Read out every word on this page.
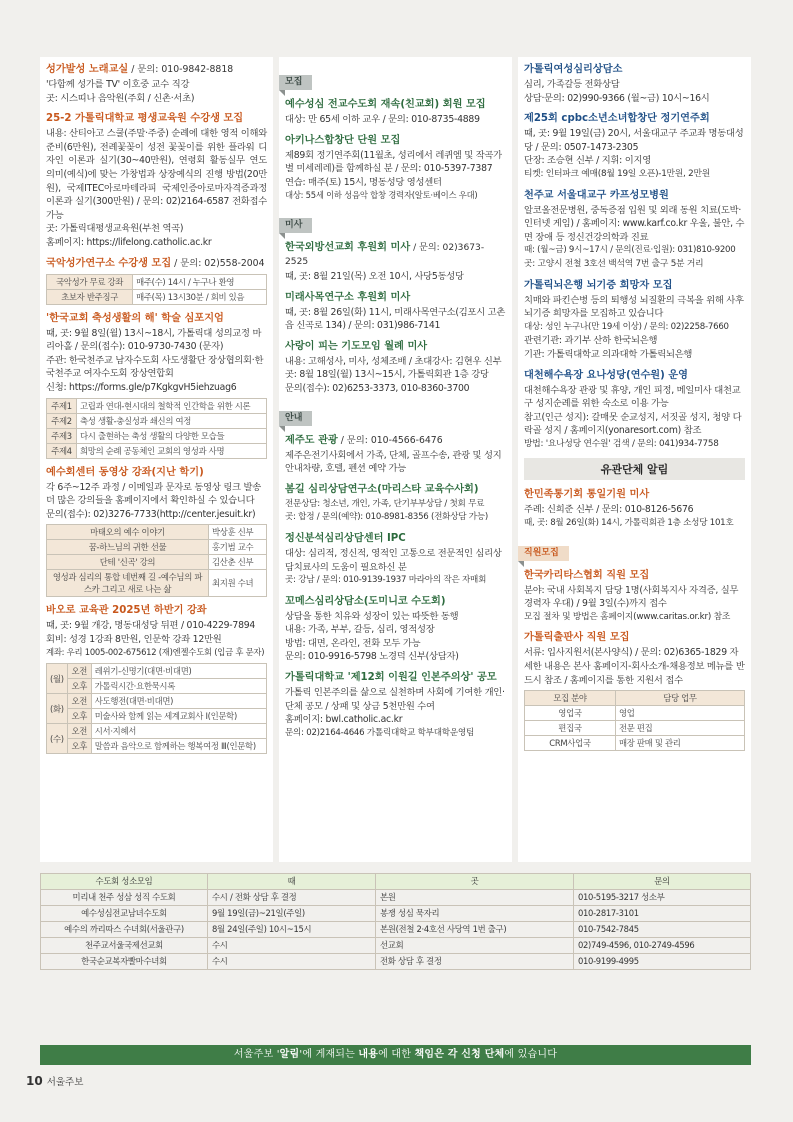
성가발성 노래교실 / 문의: 010-9842-8818
'다함께 성가를 TV' 이호중 교수 직강
곳: 시스띠나 음악원(주회 / 신촌·서초)
25-2 가톨릭대학교 평생교육원 수강생 모집
내용: 산티아고 스쿨(주말·주중) 순례에 대한 영적 이해와 준비(6만원), 전례꽃꽂이 성전 꽃꽂이를 위한 플라워 디자인 이론과 실기(30~40만원), 연령회 활동실무 연도 의미(예식)에 맞는 가창법과 상장예식의 진행 방법(20만원), 국제ITEC아로마테라피 국제인증아로마자격증과정 이론과 실기(300만원) / 문의: 02)2164-6587 전화접수 가능
곳: 가톨릭대평생교육원(부천 역곡)
홈페이지: https://lifelong.catholic.ac.kr
국악성가연구소 수강생 모집 / 문의: 02)558-2004
국악성가 무료 강좌	매주(수) 14시 / 누구나 환영
초보자 반주징구	매주(목) 13시30분 / 회비 있음
'한국교회 축성생활의 해' 학술 심포지엄
때, 곳: 9월 8일(월) 13시~18시, 가톨릭대 성의교정 마리아홀 / 문의(접수): 010-9730-7430 (문자)
주관: 한국천주교 남자수도회 사도생활단 장상협의회·한국천주교 여자수도회 장상연합회
신청: https://forms.gle/p7KgkgvH5iehzuag6
주제1	고립과 연대-현시대의 철학적 인간학을 위한 시론
주제2	축성 생활-충실성과 쇄신의 여정
주제3	다시 출현하는 축성 생활의 다양한 모습들
주제4	희망의 순례 공동체인 교회의 영성과 사명
예수회센터 동영상 강좌(지난 학기)
각 6주~12주 과정 / 이메일과 문자로 동영상 링크 발송 더 많은 강의들을 홈페이지에서 확인하실 수 있습니다
문의(접수): 02)3276-7733(http://center.jesuit.kr)
마태오의 예수 이야기	박상훈 신부
꿈-하느님의 귀한 선물	홍기범 교수
단테 '신곡' 강의	김산춘 신부
영성과 심리의 통합 네번째 길 -예수님의 파스카 그리고 새로 나는 삶	최지원 수녀
바오로 교육관 2025년 하반기 강좌
때, 곳: 9월 개강, 명동대성당 뒤편 / 010-4229-7894
회비: 성경 1강좌 8만원, 인문학 강좌 12만원
계좌: 우리 1005-002-675612 (재)엔젤수도회 (입금 후 문자)
(월)	오전	레위기-신명기(대면·비대면)
	오후	가톨릭시간·요한묵시록
(화)	오전	사도행전(대면·비대면)
	오후	미술사와 함께 읽는 세계교회사 Ⅰ(인문학)
(수)	오전	시서·지혜서
	오후	말씀과 음악으로 함께하는 행복여정 Ⅲ(인문학)
모집
예수성심 전교수도회 재속(친교회) 회원 모집
대상: 만 65세 이하 교우 / 문의: 010-8735-4889
아키나스합창단 단원 모집
제89회 정기연주회(11월초, 성리에서 레퀴엠 및 작곡가 별 미세레레)를 함께하실 분 / 문의: 010-5397-7387
연습: 매주(토) 15시, 명동성당 영성센터
대상: 55세 이하 성음악 합창 경력자(알토·베이스 우대)
미사
한국외방선교회 후원회 미사 / 문의: 02)3673-2525
때, 곳: 8월 21일(목) 오전 10시, 사당5동성당
미래사목연구소 후원회 미사
때, 곳: 8월 26일(화) 11시, 미래사목연구소(김포시 고촌읍 신곡로 134) / 문의: 031)986-7141
사랑이 피는 기도모임 월례 미사
내용: 고해성사, 미사, 성체조배 / 초대강사: 김현우 신부
곳: 8월 18일(월) 13시~15시, 가톨릭회관 1층 강당
문의(접수): 02)6253-3373, 010-8360-3700
안내
제주도 관광 / 문의: 010-4566-6476
제주은전기사회에서 가족, 단체, 골프수송, 관광 및 성지안내차량, 호텔, 펜션 예약 가능
봄길 심리상담연구소(마리스타 교육수사회)
전문상담: 청소년, 개인, 가족, 단기부부상담 / 첫회 무료
곳: 합정 / 문의(예약): 010-8981-8356 (전화상담 가능)
정신분석심리상담센터 IPC
대상: 심리적, 정신적, 영적인 고통으로 전문적인 심리상담치료사의 도움이 필요하신 분
곳: 강남 / 문의: 010-9139-1937 마라아의 작은 자매회
꼬메스심리상담소(도미니코 수도회)
상담을 통한 치유와 성장이 있는 따뜻한 동행
내용: 가족, 부부, 갈등, 심리, 영적성장
방법: 대면, 온라인, 전화 모두 가능
문의: 010-9916-5798 노경덕 신부(상담자)
가톨릭대학교 '제12회 이원길 인본주의상' 공모
가톨릭 인본주의를 삶으로 실천하며 사회에 기여한 개인·단체 공모 / 상패 및 상금 5천만원 수여
홈페이지: bwl.catholic.ac.kr
문의: 02)2164-4646 가톨릭대학교 학부대학운영팀
가톨릭여성심리상담소
심리, 가족갈등 전화상담
상담·문의: 02)990-9366 (월~금) 10시~16시
제25회 cpbc소년소녀합창단 정기연주회
때, 곳: 9월 19일(금) 20시, 서울대교구 주교좌 명동대성당 / 문의: 0507-1473-2305
단장: 조승현 신부 / 지휘: 이지영
티켓: 인터파크 예매(8월 19일 오픈)-1만원, 2만원
천주교 서울대교구 카프성모병원
알코올전문병원, 중독증점 입원 및 외래 동원 치료(도박·인터넷 게임) / 홈페이지: www.karf.co.kr 우울, 불안, 수면 장애 등 정신건강의학과 진료
때: (월~금) 9시~17시 / 문의(진료·입원): 031)810-9200
곳: 고양시 전철 3호선 백석역 7번 출구 5분 거리
가톨릭뇌은행 뇌기증 희망자 모집
치매와 파킨슨병 등의 퇴행성 뇌질환의 극복을 위해 사후 뇌기증 희망자를 모집하고 있습니다
대상: 성인 누구나(만 19세 이상) / 문의: 02)2258-7660
관련기관: 과기부 산하 한국뇌은행
기관: 가톨릭대학교 의과대학 가톨릭뇌은행
대천해수욕장 요나성당(연수원) 운영
대천해수욕장 관광 및 휴양, 개인 피정, 메일미사 대천교구 성지순례를 위한 숙소로 이용 가능
참고(인근 성지): 갈매못 순교성지, 서짓골 성지, 청양 다락골 성지 / 홈페이지(yonaresort.com) 참조
방법: '요나성당 연수원' 검색 / 문의: 041)934-7758
유관단체 알림
한민족통기회 통일기원 미사
주례: 신희준 신부 / 문의: 010-8126-5676
때, 곳: 8월 26일(화) 14시, 가톨릭회관 1층 소성당 101호
직원모집
한국카리타스협회 직원 모집
분야: 국내 사회복지 담당 1명(사회복지사 자격증, 실무 경력자 우대) / 9월 3일(수)까지 접수
모집 절차 및 방법은 홈페이지(www.caritas.or.kr) 참조
가톨릭출판사 직원 모집
서류: 입사지원서(본사양식) / 문의: 02)6365-1829 자세한 내용은 본사 홈페이지-회사소개-채용정보 메뉴를 반드시 참조 / 홈페이지를 통한 지원서 접수
모집 분야	담당 업무
영업국	영업
편집국	전문 편집
CRM사업국	매장 판매 및 관리
수도회 성소모임	때	곳	문의
미리내 천주 성삼 성직 수도회	수시 / 전화 상담 후 결정	본원	010-5195-3217 성소부
예수성심전교남녀수도회	9월 19일(금)~21일(주일)	봉쟁 성심 묵자리	010-2817-3101
예수의 까리따스 수녀회(서울관구)	8월 24일(주일) 10시~15시	본원(전철 2·4호선 사당역 1번 출구)	010-7542-7845
천주교서울국제선교회	수시	선교회	02)749-4596, 010-2749-4596
한국순교복자빨마수녀회	수시	전화 상담 후 결정	010-9199-4995
서울주보 '알림'에 게재되는 내용에 대한 책임은 각 신청 단체에 있습니다
10 서울주보
